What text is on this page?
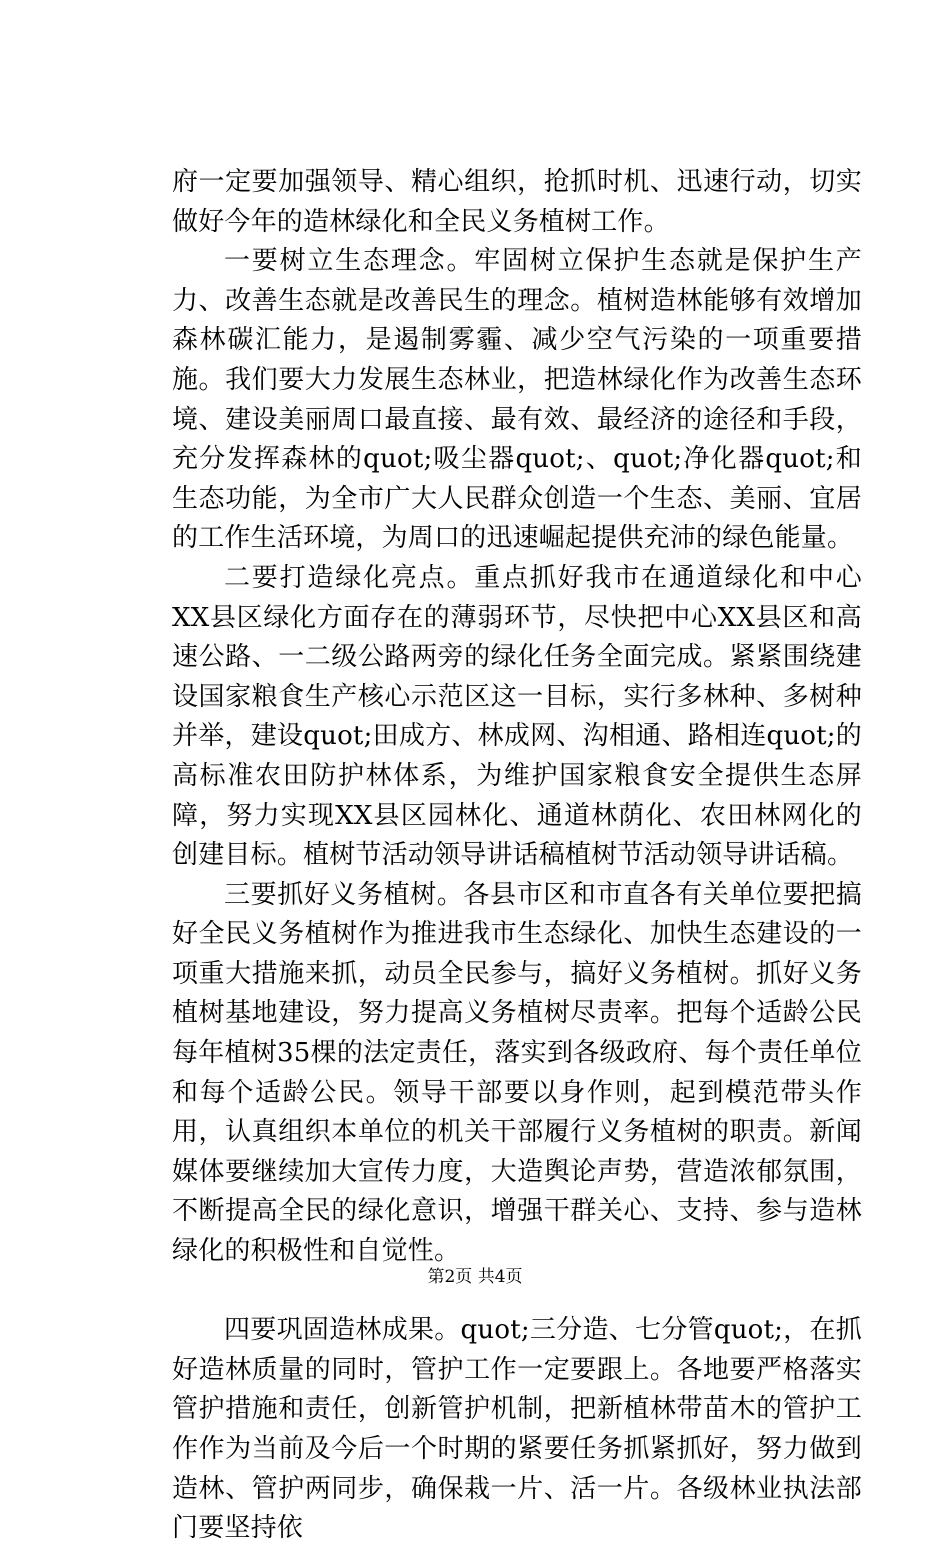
府一定要加强领导、精心组织，抢抓时机、迅速行动，切实做好今年的造林绿化和全民义务植树工作。

一要树立生态理念。牢固树立保护生态就是保护生产力、改善生态就是改善民生的理念。植树造林能够有效增加森林碳汇能力，是遏制雾霾、减少空气污染的一项重要措施。我们要大力发展生态林业，把造林绿化作为改善生态环境、建设美丽周口最直接、最有效、最经济的途径和手段，充分发挥森林的quot;吸尘器quot;、quot;净化器quot;和生态功能，为全市广大人民群众创造一个生态、美丽、宜居的工作生活环境，为周口的迅速崛起提供充沛的绿色能量。

二要打造绿化亮点。重点抓好我市在通道绿化和中心XX县区绿化方面存在的薄弱环节，尽快把中心XX县区和高速公路、一二级公路两旁的绿化任务全面完成。紧紧围绕建设国家粮食生产核心示范区这一目标，实行多林种、多树种并举，建设quot;田成方、林成网、沟相通、路相连quot;的高标准农田防护林体系，为维护国家粮食安全提供生态屏障，努力实现XX县区园林化、通道林荫化、农田林网化的创建目标。植树节活动领导讲话稿植树节活动领导讲话稿。

三要抓好义务植树。各县市区和市直各有关单位要把搞好全民义务植树作为推进我市生态绿化、加快生态建设的一项重大措施来抓，动员全民参与，搞好义务植树。抓好义务植树基地建设，努力提高义务植树尽责率。把每个适龄公民每年植树35棵的法定责任，落实到各级政府、每个责任单位和每个适龄公民。领导干部要以身作则，起到模范带头作用，认真组织本单位的机关干部履行义务植树的职责。新闻媒体要继续加大宣传力度，大造舆论声势，营造浓郁氛围，不断提高全民的绿化意识，增强干群关心、支持、参与造林绿化的积极性和自觉性。

四要巩固造林成果。quot;三分造、七分管quot;，在抓好造林质量的同时，管护工作一定要跟上。各地要严格落实管护措施和责任，创新管护机制，把新植林带苗木的管护工作作为当前及今后一个时期的紧要任务抓紧抓好，努力做到造林、管护两同步，确保栽一片、活一片。各级林业执法部门要坚持依

第2页 共4页
